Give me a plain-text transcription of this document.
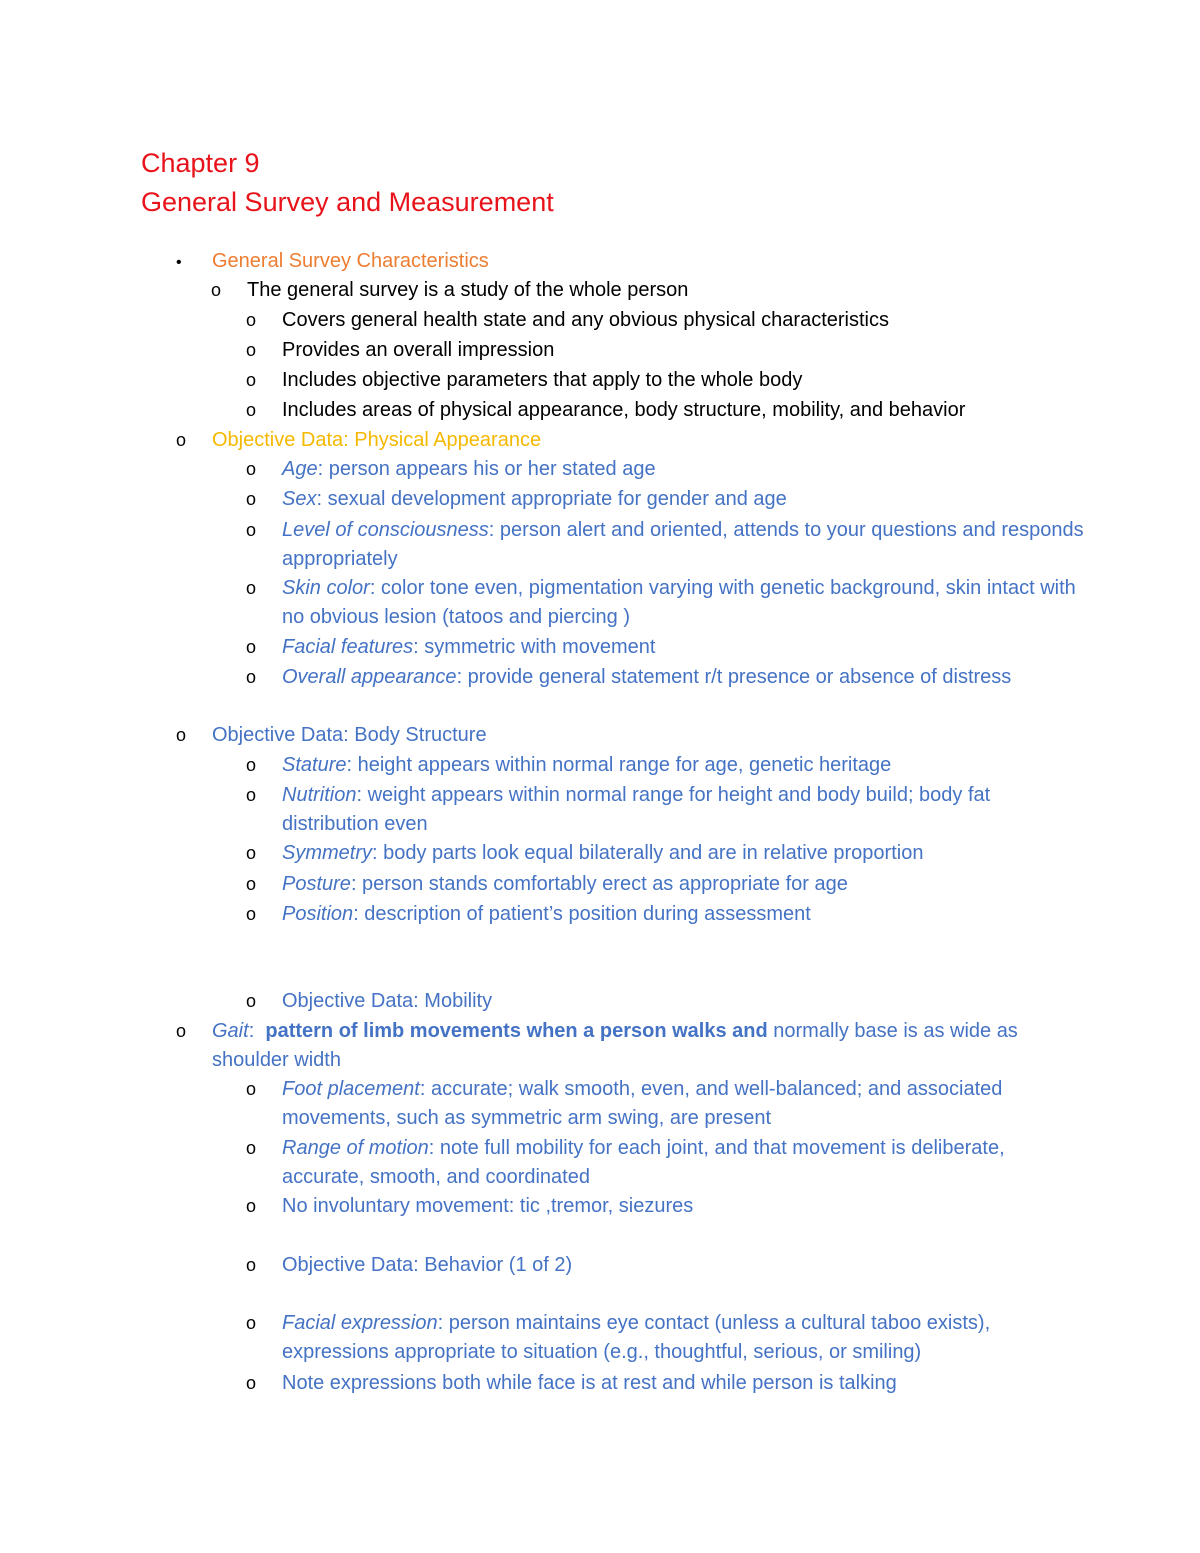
Chapter 9
General Survey and Measurement
•	General Survey Characteristics
o	The general survey is a study of the whole person
o	Covers general health state and any obvious physical characteristics
o	Provides an overall impression
o	Includes objective parameters that apply to the whole body
o	Includes areas of physical appearance, body structure, mobility, and behavior
o	Objective Data: Physical Appearance
o	Age: person appears his or her stated age
o	Sex: sexual development appropriate for gender and age
o	Level of consciousness: person alert and oriented, attends to your questions and responds appropriately
o	Skin color: color tone even, pigmentation varying with genetic background, skin intact with no obvious lesion (tatoos and piercing )
o	Facial features: symmetric with movement
o	Overall appearance: provide general statement r/t presence or absence of distress
o	Objective Data: Body Structure
o	Stature: height appears within normal range for age, genetic heritage
o	Nutrition: weight appears within normal range for height and body build; body fat distribution even
o	Symmetry: body parts look equal bilaterally and are in relative proportion
o	Posture: person stands comfortably erect as appropriate for age
o	Position: description of patient’s position during assessment
o	Objective Data: Mobility
o	Gait:  pattern of limb movements when a person walks and normally base is as wide as shoulder width
o	Foot placement: accurate; walk smooth, even, and well-balanced; and associated movements, such as symmetric arm swing, are present
o	Range of motion: note full mobility for each joint, and that movement is deliberate, accurate, smooth, and coordinated
o	No involuntary movement: tic ,tremor, siezures
o	Objective Data: Behavior (1 of 2)
o	Facial expression: person maintains eye contact (unless a cultural taboo exists), expressions appropriate to situation (e.g., thoughtful, serious, or smiling)
o	Note expressions both while face is at rest and while person is talking
